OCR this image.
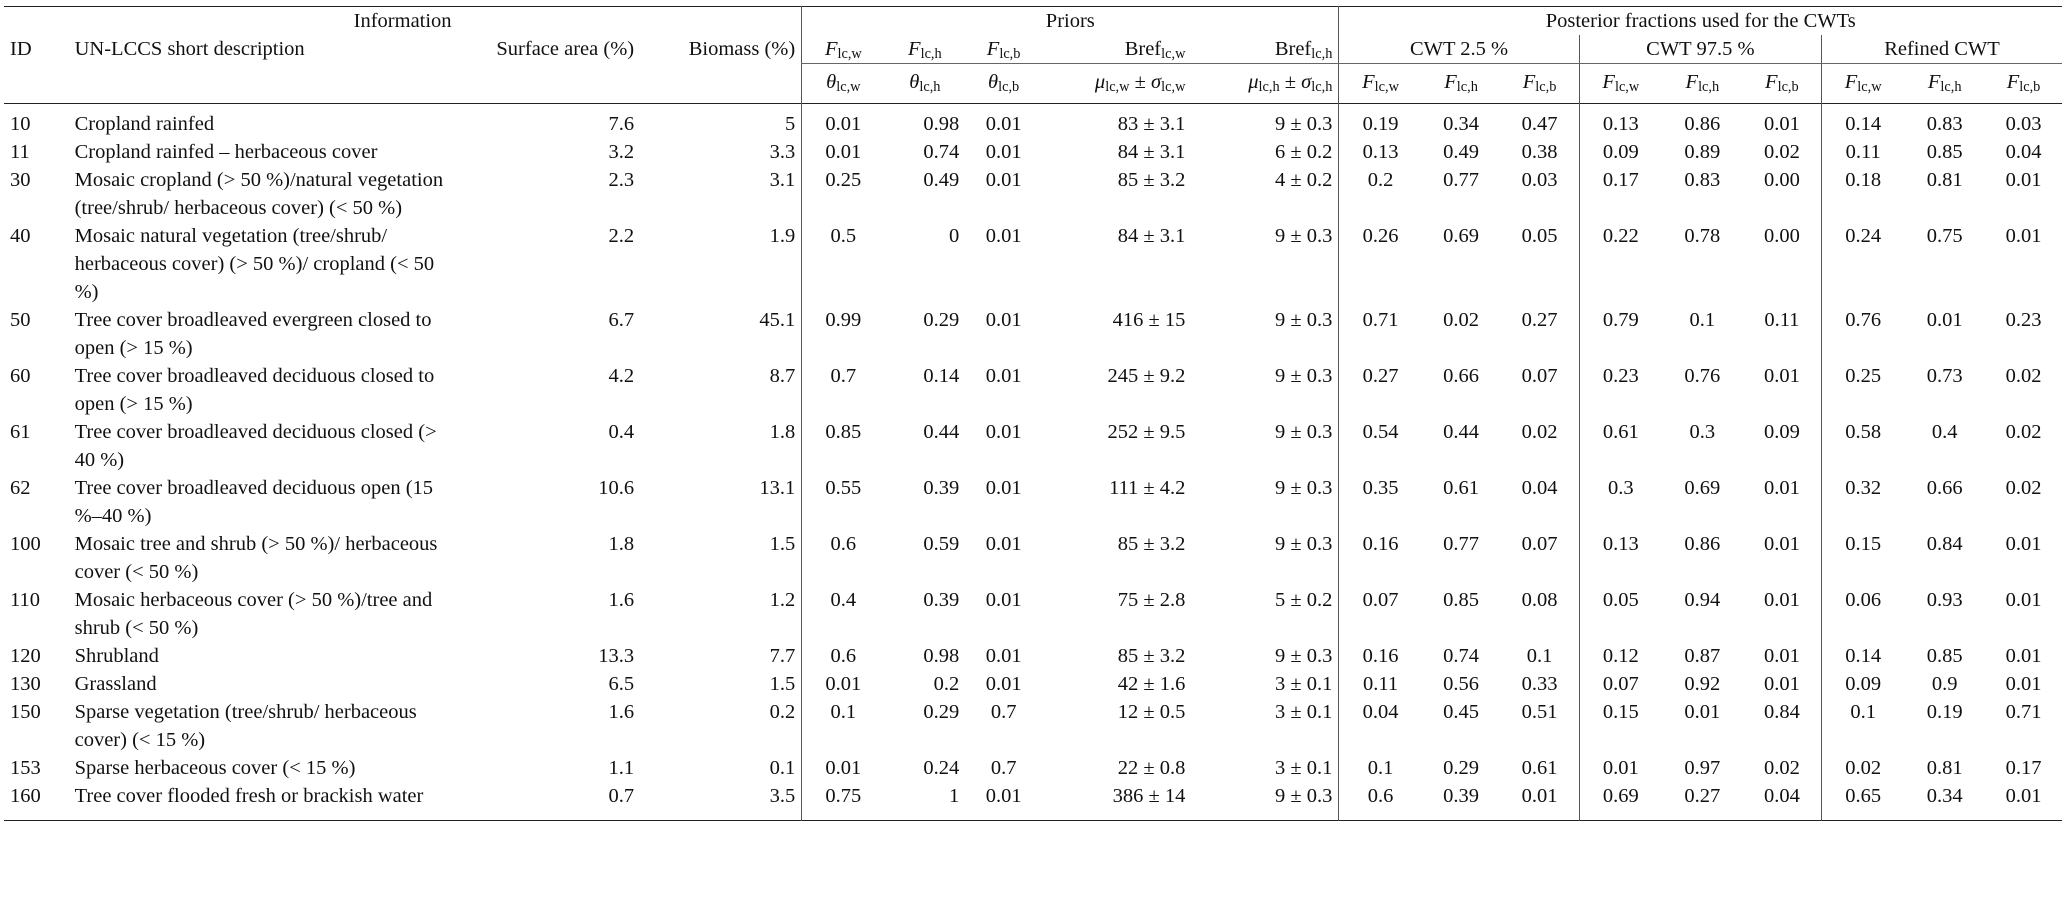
Information				Priors					Posterior fractions used for the CWTs								
ID	UN-LCCS short description	Surface area (%)	Biomass (%)	$F_{lc,w}$	$F_{lc,h}$	$F_{lc,b}$	Bref$_{lc,w}$	Bref$_{lc,h}$	CWT 2.5 %			CWT 97.5 %			Refined CWT		
				$\theta_{lc,w}$	$\theta_{lc,h}$	$\theta_{lc,b}$	$\mu_{lc,w} \pm \sigma_{lc,w}$	$\mu_{lc,h} \pm \sigma_{lc,h}$	$F_{lc,w}$	$F_{lc,h}$	$F_{lc,b}$	$F_{lc,w}$	$F_{lc,h}$	$F_{lc,b}$	$F_{lc,w}$	$F_{lc,h}$	$F_{lc,b}$
10	Cropland rainfed	7.6	5	0.01	0.98	0.01	83 ± 3.1	9 ± 0.3	0.19	0.34	0.47	0.13	0.86	0.01	0.14	0.83	0.03
11	Cropland rainfed – herbaceous cover	3.2	3.3	0.01	0.74	0.01	84 ± 3.1	6 ± 0.2	0.13	0.49	0.38	0.09	0.89	0.02	0.11	0.85	0.04
30	Mosaic cropland (> 50 %)/natural vegetation (tree/shrub/ herbaceous cover) (< 50 %)	2.3	3.1	0.25	0.49	0.01	85 ± 3.2	4 ± 0.2	0.2	0.77	0.03	0.17	0.83	0.00	0.18	0.81	0.01
40	Mosaic natural vegetation (tree/shrub/ herbaceous cover) (> 50 %)/ cropland (< 50 %)	2.2	1.9	0.5	0	0.01	84 ± 3.1	9 ± 0.3	0.26	0.69	0.05	0.22	0.78	0.00	0.24	0.75	0.01
50	Tree cover broadleaved evergreen closed to open (> 15 %)	6.7	45.1	0.99	0.29	0.01	416 ± 15	9 ± 0.3	0.71	0.02	0.27	0.79	0.1	0.11	0.76	0.01	0.23
60	Tree cover broadleaved deciduous closed to open (> 15 %)	4.2	8.7	0.7	0.14	0.01	245 ± 9.2	9 ± 0.3	0.27	0.66	0.07	0.23	0.76	0.01	0.25	0.73	0.02
61	Tree cover broadleaved deciduous closed (> 40 %)	0.4	1.8	0.85	0.44	0.01	252 ± 9.5	9 ± 0.3	0.54	0.44	0.02	0.61	0.3	0.09	0.58	0.4	0.02
62	Tree cover broadleaved deciduous open (15 %–40 %)	10.6	13.1	0.55	0.39	0.01	111 ± 4.2	9 ± 0.3	0.35	0.61	0.04	0.3	0.69	0.01	0.32	0.66	0.02
100	Mosaic tree and shrub (> 50 %)/ herbaceous cover (< 50 %)	1.8	1.5	0.6	0.59	0.01	85 ± 3.2	9 ± 0.3	0.16	0.77	0.07	0.13	0.86	0.01	0.15	0.84	0.01
110	Mosaic herbaceous cover (> 50 %)/tree and shrub (< 50 %)	1.6	1.2	0.4	0.39	0.01	75 ± 2.8	5 ± 0.2	0.07	0.85	0.08	0.05	0.94	0.01	0.06	0.93	0.01
120	Shrubland	13.3	7.7	0.6	0.98	0.01	85 ± 3.2	9 ± 0.3	0.16	0.74	0.1	0.12	0.87	0.01	0.14	0.85	0.01
130	Grassland	6.5	1.5	0.01	0.2	0.01	42 ± 1.6	3 ± 0.1	0.11	0.56	0.33	0.07	0.92	0.01	0.09	0.9	0.01
150	Sparse vegetation (tree/shrub/ herbaceous cover) (< 15 %)	1.6	0.2	0.1	0.29	0.7	12 ± 0.5	3 ± 0.1	0.04	0.45	0.51	0.15	0.01	0.84	0.1	0.19	0.71
153	Sparse herbaceous cover (< 15 %)	1.1	0.1	0.01	0.24	0.7	22 ± 0.8	3 ± 0.1	0.1	0.29	0.61	0.01	0.97	0.02	0.02	0.81	0.17
160	Tree cover flooded fresh or brackish water	0.7	3.5	0.75	1	0.01	386 ± 14	9 ± 0.3	0.6	0.39	0.01	0.69	0.27	0.04	0.65	0.34	0.01
